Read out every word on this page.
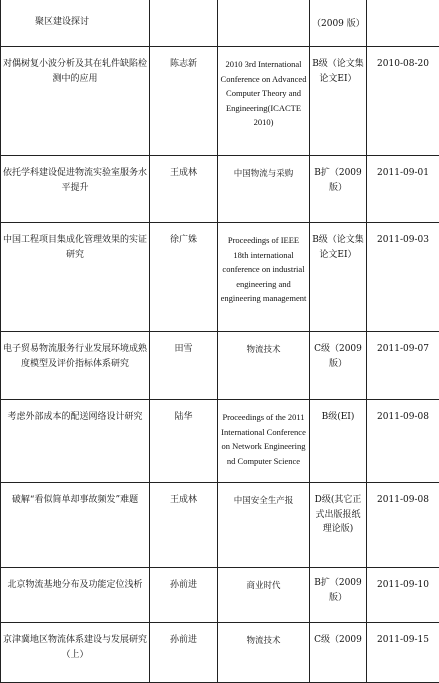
聚区建设探讨			（2009 版）	
对偶树复小波分析及其在轧件缺陷检测中的应用	陈志新	2010 3rd International Conference on Advanced Computer Theory and Engineering(ICACTE 2010)	B级（论文集论文EI）	2010-08-20
依托学科建设促进物流实验室服务水平提升	王成林	中国物流与采购	B扩（2009版）	2011-09-01
中国工程项目集成化管理效果的实证研究	徐广姝	Proceedings of IEEE 18th international conference on industrial engineering and engineering management	B级（论文集论文EI）	2011-09-03
电子贸易物流服务行业发展环境成熟度模型及评价指标体系研究	田雪	物流技术	C级（2009版）	2011-09-07
考虑外部成本的配送网络设计研究	陆华	Proceedings of the 2011 International Conference on Network Engineering nd Computer Science	B级(EI)	2011-09-08
破解“看似简单却事故频发”难题	王成林	中国安全生产报	D级(其它正式出版报纸理论版)	2011-09-08
北京物流基地分布及功能定位浅析	孙前进	商业时代	B扩（2009版）	2011-09-10
京津冀地区物流体系建设与发展研究（上）	孙前进	物流技术	C级（2009	2011-09-15
